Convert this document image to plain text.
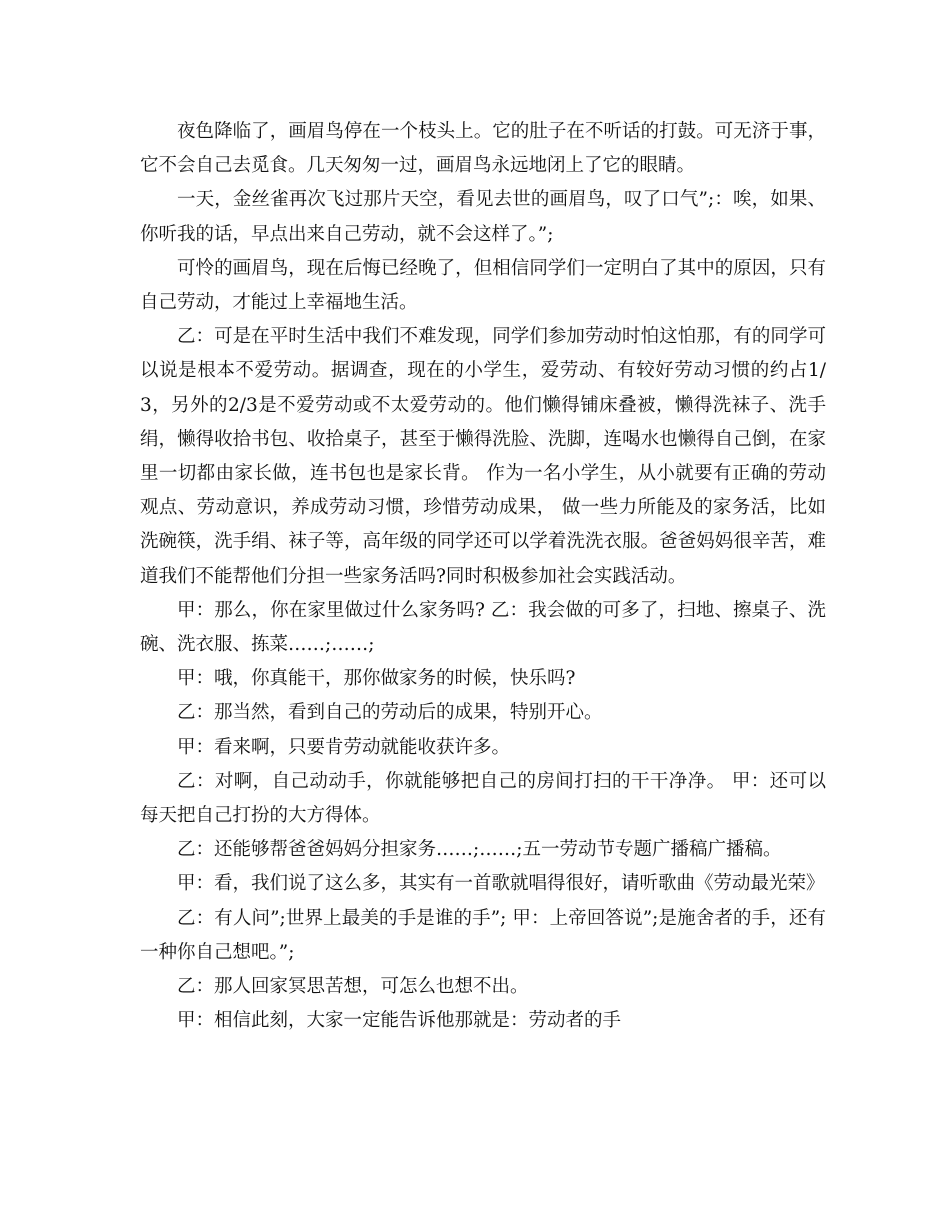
夜色降临了，画眉鸟停在一个枝头上。它的肚子在不听话的打鼓。可无济于事，它不会自己去觅食。几天匆匆一过，画眉鸟永远地闭上了它的眼睛。

一天，金丝雀再次飞过那片天空，看见去世的画眉鸟，叹了口气”;：唉，如果、你听我的话，早点出来自己劳动，就不会这样了。”;

可怜的画眉鸟，现在后悔已经晚了，但相信同学们一定明白了其中的原因，只有自己劳动，才能过上幸福地生活。

乙：可是在平时生活中我们不难发现，同学们参加劳动时怕这怕那，有的同学可以说是根本不爱劳动。据调查，现在的小学生，爱劳动、有较好劳动习惯的约占1/3，另外的2/3是不爱劳动或不太爱劳动的。他们懒得铺床叠被，懒得洗袜子、洗手绢，懒得收拾书包、收拾桌子，甚至于懒得洗脸、洗脚，连喝水也懒得自己倒，在家里一切都由家长做，连书包也是家长背。 作为一名小学生，从小就要有正确的劳动观点、劳动意识，养成劳动习惯，珍惜劳动成果， 做一些力所能及的家务活，比如洗碗筷，洗手绢、袜子等，高年级的同学还可以学着洗洗衣服。爸爸妈妈很辛苦，难道我们不能帮他们分担一些家务活吗?同时积极参加社会实践活动。

甲：那么，你在家里做过什么家务吗? 乙：我会做的可多了，扫地、擦桌子、洗碗、洗衣服、拣菜……;……;

甲：哦，你真能干，那你做家务的时候，快乐吗?

乙：那当然，看到自己的劳动后的成果，特别开心。

甲：看来啊，只要肯劳动就能收获许多。

乙：对啊，自己动动手，你就能够把自己的房间打扫的干干净净。 甲：还可以每天把自己打扮的大方得体。

乙：还能够帮爸爸妈妈分担家务……;……;五一劳动节专题广播稿广播稿。

甲：看，我们说了这么多，其实有一首歌就唱得很好，请听歌曲《劳动最光荣》

乙：有人问”;世界上最美的手是谁的手”; 甲：上帝回答说”;是施舍者的手，还有一种你自己想吧。”;

乙：那人回家冥思苦想，可怎么也想不出。

甲：相信此刻，大家一定能告诉他那就是：劳动者的手
